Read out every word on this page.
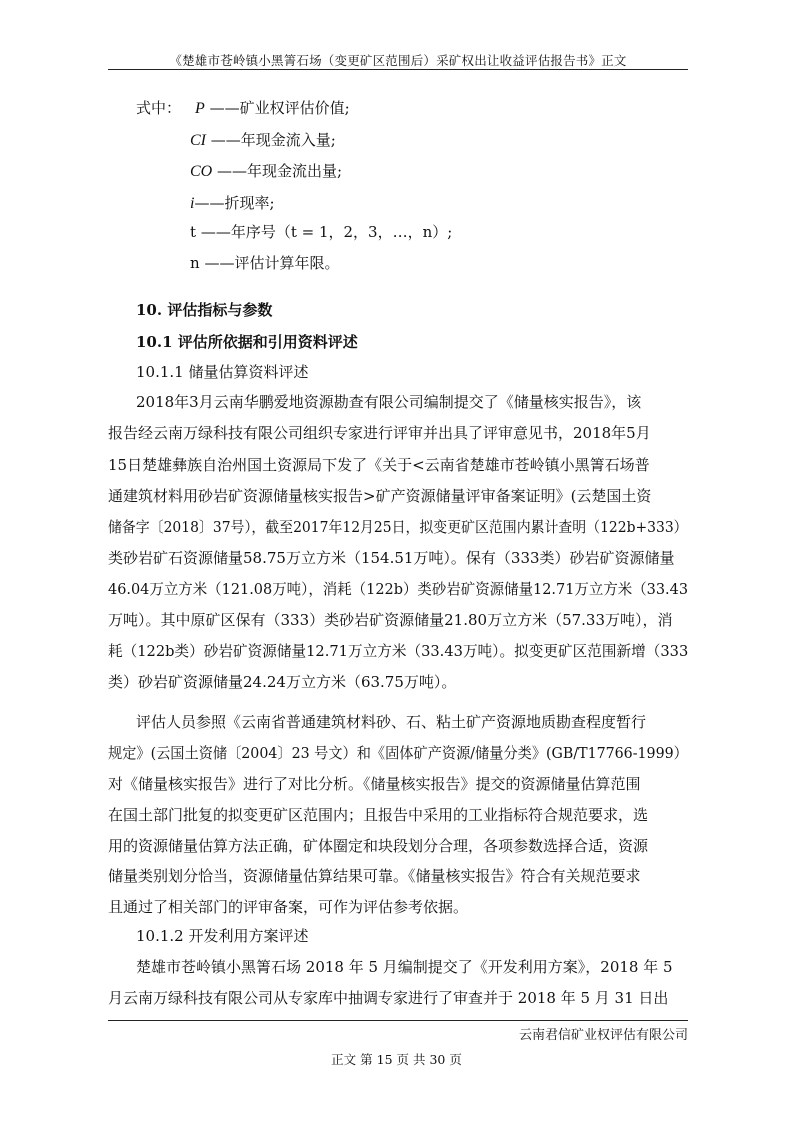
《楚雄市苍岭镇小黑箐石场（变更矿区范围后）采矿权出让收益评估报告书》正文
式中： P ——矿业权评估价值;
CI ——年现金流入量;
CO ——年现金流出量;
i——折现率;
t ——年序号（t = 1，2，3，…，n）;
n ——评估计算年限。
10. 评估指标与参数
10.1 评估所依据和引用资料评述
10.1.1 储量估算资料评述
2018年3月云南华鹏爱地资源勘查有限公司编制提交了《储量核实报告》，该
报告经云南万绿科技有限公司组织专家进行评审并出具了评审意见书，2018年5月
15日楚雄彝族自治州国土资源局下发了《关于<云南省楚雄市苍岭镇小黑箐石场普
通建筑材料用砂岩矿资源储量核实报告>矿产资源储量评审备案证明》(云楚国土资
储备字〔2018〕37号），截至2017年12月25日，拟变更矿区范围内累计查明（122b+333）
类砂岩矿石资源储量58.75万立方米（154.51万吨）。保有（333类）砂岩矿资源储量
46.04万立方米（121.08万吨），消耗（122b）类砂岩矿资源储量12.71万立方米（33.43
万吨）。其中原矿区保有（333）类砂岩矿资源储量21.80万立方米（57.33万吨），消
耗（122b类）砂岩矿资源储量12.71万立方米（33.43万吨）。拟变更矿区范围新增（333
类）砂岩矿资源储量24.24万立方米（63.75万吨）。
评估人员参照《云南省普通建筑材料砂、石、粘土矿产资源地质勘查程度暂行
规定》(云国土资储〔2004〕23 号文）和《固体矿产资源/储量分类》(GB/T17766-1999）
对《储量核实报告》进行了对比分析。《储量核实报告》提交的资源储量估算范围
在国土部门批复的拟变更矿区范围内；且报告中采用的工业指标符合规范要求，选
用的资源储量估算方法正确，矿体圈定和块段划分合理，各项参数选择合适，资源
储量类别划分恰当，资源储量估算结果可靠。《储量核实报告》符合有关规范要求
且通过了相关部门的评审备案，可作为评估参考依据。
10.1.2 开发利用方案评述
楚雄市苍岭镇小黑箐石场 2018 年 5 月编制提交了《开发利用方案》，2018 年 5
月云南万绿科技有限公司从专家库中抽调专家进行了审查并于 2018 年 5 月 31 日出
云南君信矿业权评估有限公司
正文 第 15 页 共 30 页
